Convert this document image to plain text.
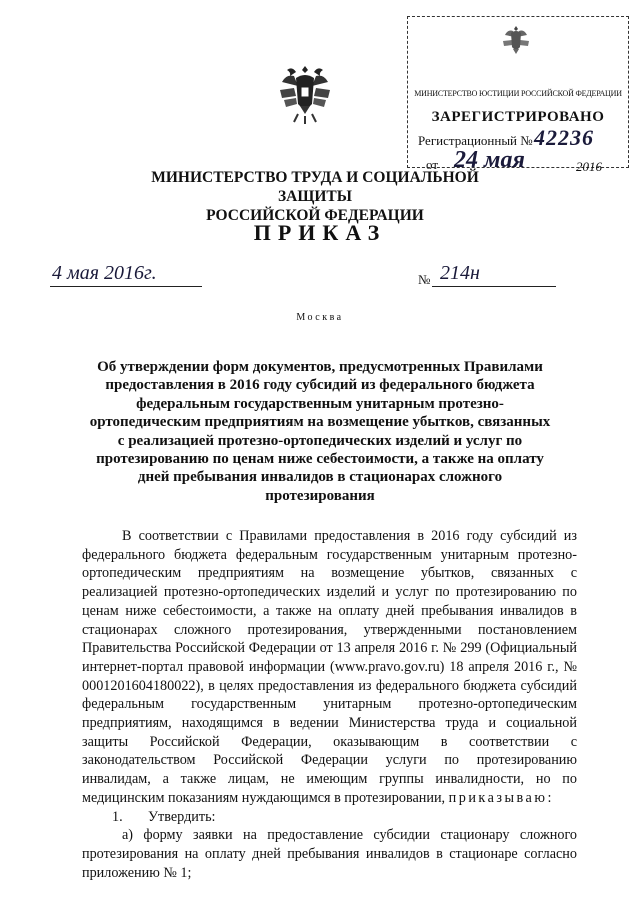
МИНИСТЕРСТВО ЮСТИЦИИ РОССИЙСКОЙ ФЕДЕРАЦИИ
ЗАРЕГИСТРИРОВАНО
Регистрационный № 42236
от 24 мая	2016
МИНИСТЕРСТВО ТРУДА И СОЦИАЛЬНОЙ ЗАЩИТЫ
РОССИЙСКОЙ ФЕДЕРАЦИИ
ПРИКАЗ
4 мая 2016г.	№ 214н
Москва
Об утверждении форм документов, предусмотренных Правилами предоставления в 2016 году субсидий из федерального бюджета федеральным государственным унитарным протезно-ортопедическим предприятиям на возмещение убытков, связанных с реализацией протезно-ортопедических изделий и услуг по протезированию по ценам ниже себестоимости, а также на оплату дней пребывания инвалидов в стационарах сложного протезирования

В соответствии с Правилами предоставления в 2016 году субсидий из федерального бюджета федеральным государственным унитарным протезно-ортопедическим предприятиям на возмещение убытков, связанных с реализацией протезно-ортопедических изделий и услуг по протезированию по ценам ниже себестоимости, а также на оплату дней пребывания инвалидов в стационарах сложного протезирования, утвержденными постановлением Правительства Российской Федерации от 13 апреля 2016 г. № 299 (Официальный интернет-портал правовой информации (www.pravo.gov.ru) 18 апреля 2016 г., № 0001201604180022), в целях предоставления из федерального бюджета субсидий федеральным государственным унитарным протезно-ортопедическим предприятиям, находящимся в ведении Министерства труда и социальной защиты Российской Федерации, оказывающим в соответствии с законодательством Российской Федерации услуги по протезированию инвалидам, а также лицам, не имеющим группы инвалидности, но по медицинским показаниям нуждающимся в протезировании, приказываю:

1. Утвердить:

а) форму заявки на предоставление субсидии стационару сложного протезирования на оплату дней пребывания инвалидов в стационаре согласно приложению № 1;
